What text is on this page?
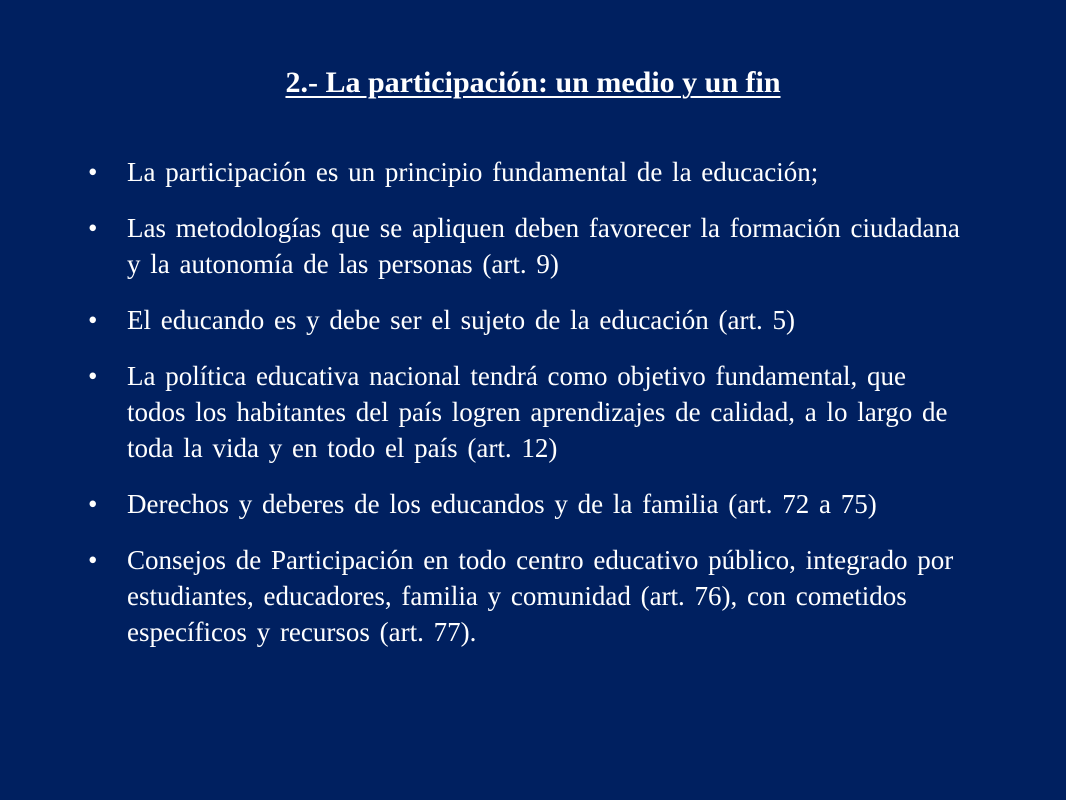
2.- La participación: un medio y un fin
• La participación es un principio fundamental de la educación;
• Las metodologías que se apliquen deben favorecer la formación ciudadana y la autonomía de las personas (art. 9)
• El educando es y debe ser el sujeto de la educación (art. 5)
• La política educativa nacional tendrá como objetivo fundamental, que todos los habitantes del país logren aprendizajes de calidad, a lo largo de toda la vida y en todo el país (art. 12)
• Derechos y deberes de los educandos y de la familia (art. 72 a 75)
• Consejos de Participación en todo centro educativo público, integrado por estudiantes, educadores, familia y comunidad (art. 76), con cometidos específicos y recursos (art. 77).
